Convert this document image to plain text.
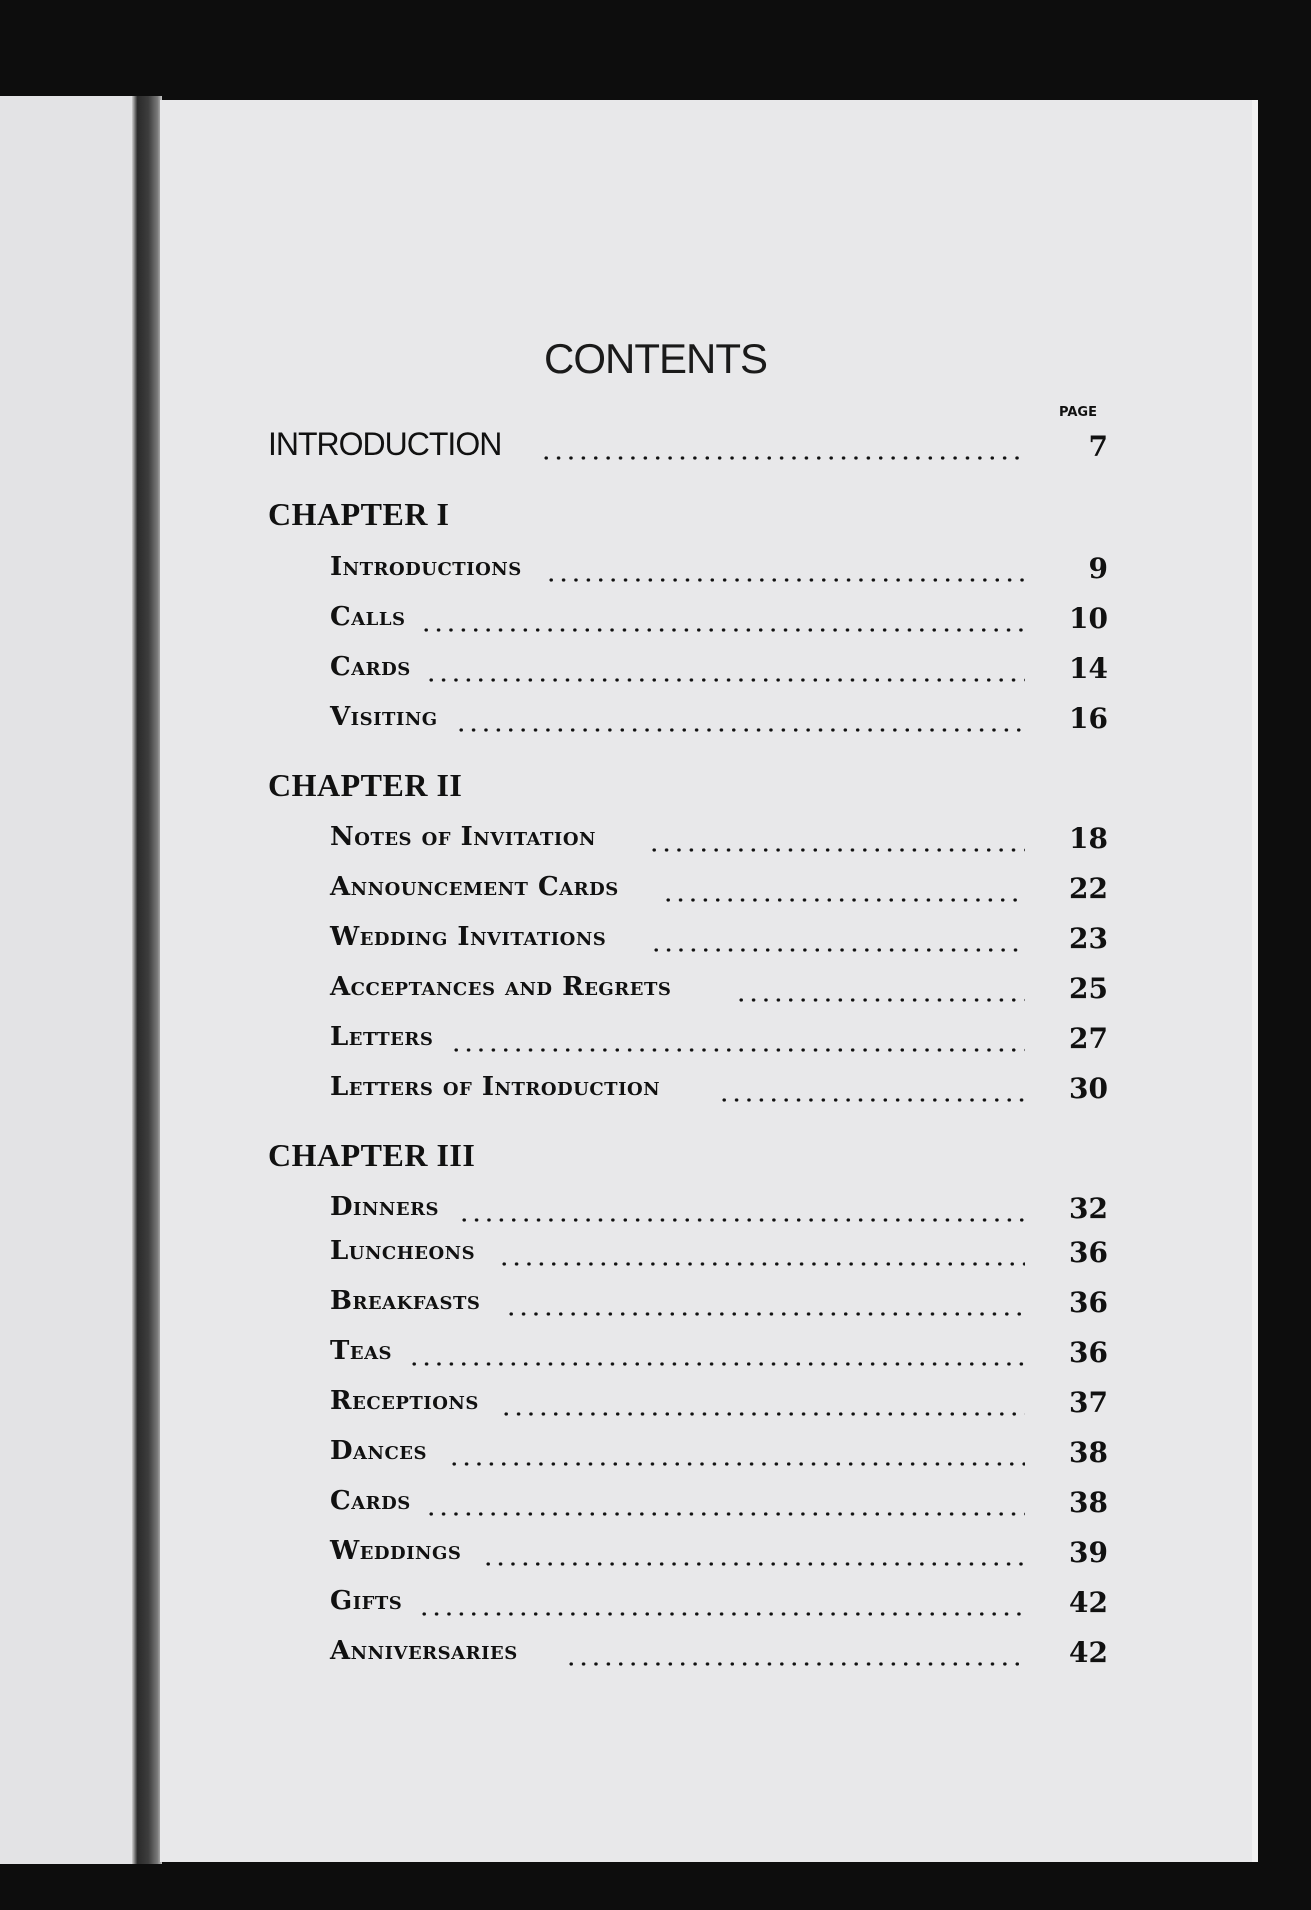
CONTENTS
PAGE
INTRODUCTION	7
CHAPTER I
Introductions	9
Calls	10
Cards	14
Visiting	16
CHAPTER II
Notes of Invitation	18
Announcement Cards	22
Wedding Invitations	23
Acceptances and Regrets	25
Letters	27
Letters of Introduction	30
CHAPTER III
Dinners	32
Luncheons	36
Breakfasts	36
Teas	36
Receptions	37
Dances	38
Cards	38
Weddings	39
Gifts	42
Anniversaries	42
